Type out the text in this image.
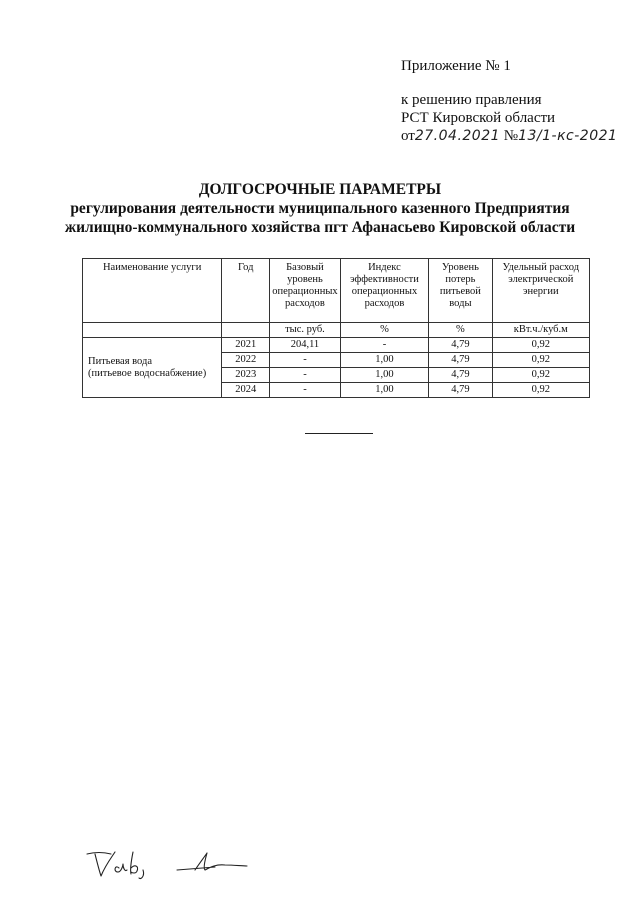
Приложение № 1
к решению правления
РСТ Кировской области
от27.04.2021 №13/1-кс-2021
ДОЛГОСРОЧНЫЕ ПАРАМЕТРЫ
регулирования деятельности муниципального казенного Предприятия
жилищно-коммунального хозяйства пгт Афанасьево Кировской области
Наименование услуги	Год	Базовый уровень операционных расходов	Индекс эффективности операционных расходов	Уровень потерь питьевой воды	Удельный расход электрической энергии
		тыс. руб.	%	%	кВт.ч./куб.м

Питьевая вода
(питьевое водоснабжение)	2021	204,11	-	4,79	0,92
	2022	-	1,00	4,79	0,92
	2023	-	1,00	4,79	0,92
	2024	-	1,00	4,79	0,92
